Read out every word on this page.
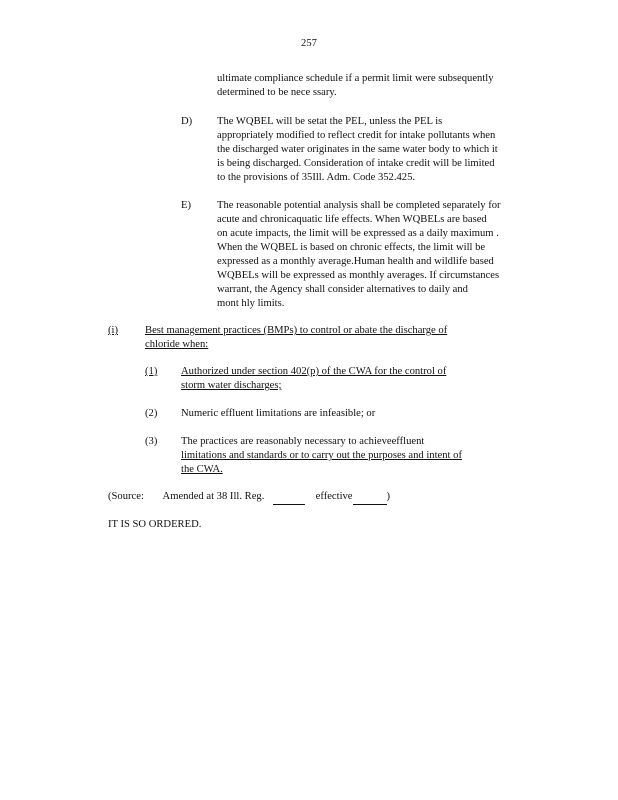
257
ultimate compliance schedule if a permit limit were subsequently
determined to be nece ssary.
D) The WQBEL will be setat the PEL, unless the PEL is
appropriately modified to reflect credit for intake pollutants when
the discharged water originates in the same water body to which it
is being discharged. Consideration of intake credit will be limited
to the provisions of 35Ill. Adm. Code 352.425.
E) The reasonable potential analysis shall be completed separately for
acute and chronicaquatic life effects. When WQBELs are based
on acute impacts, the limit will be expressed as a daily maximum .
When the WQBEL is based on chronic effects, the limit will be
expressed as a monthly average.Human health and wildlife based
WQBELs will be expressed as monthly averages. If circumstances
warrant, the Agency shall consider alternatives to daily and
mont hly limits.
(i)	Best management practices (BMPs) to control or abate the discharge of
chloride when:
(1) Authorized under section 402(p) of the CWA for the control of
storm water discharges;
(2) Numeric effluent limitations are infeasible; or
(3) The practices are reasonably necessary to achieveeffluent
limitations and standards or to carry out the purposes and intent of
the CWA.
(Source: Amended at 38 Ill. Reg.	effective	)
IT IS SO ORDERED.
